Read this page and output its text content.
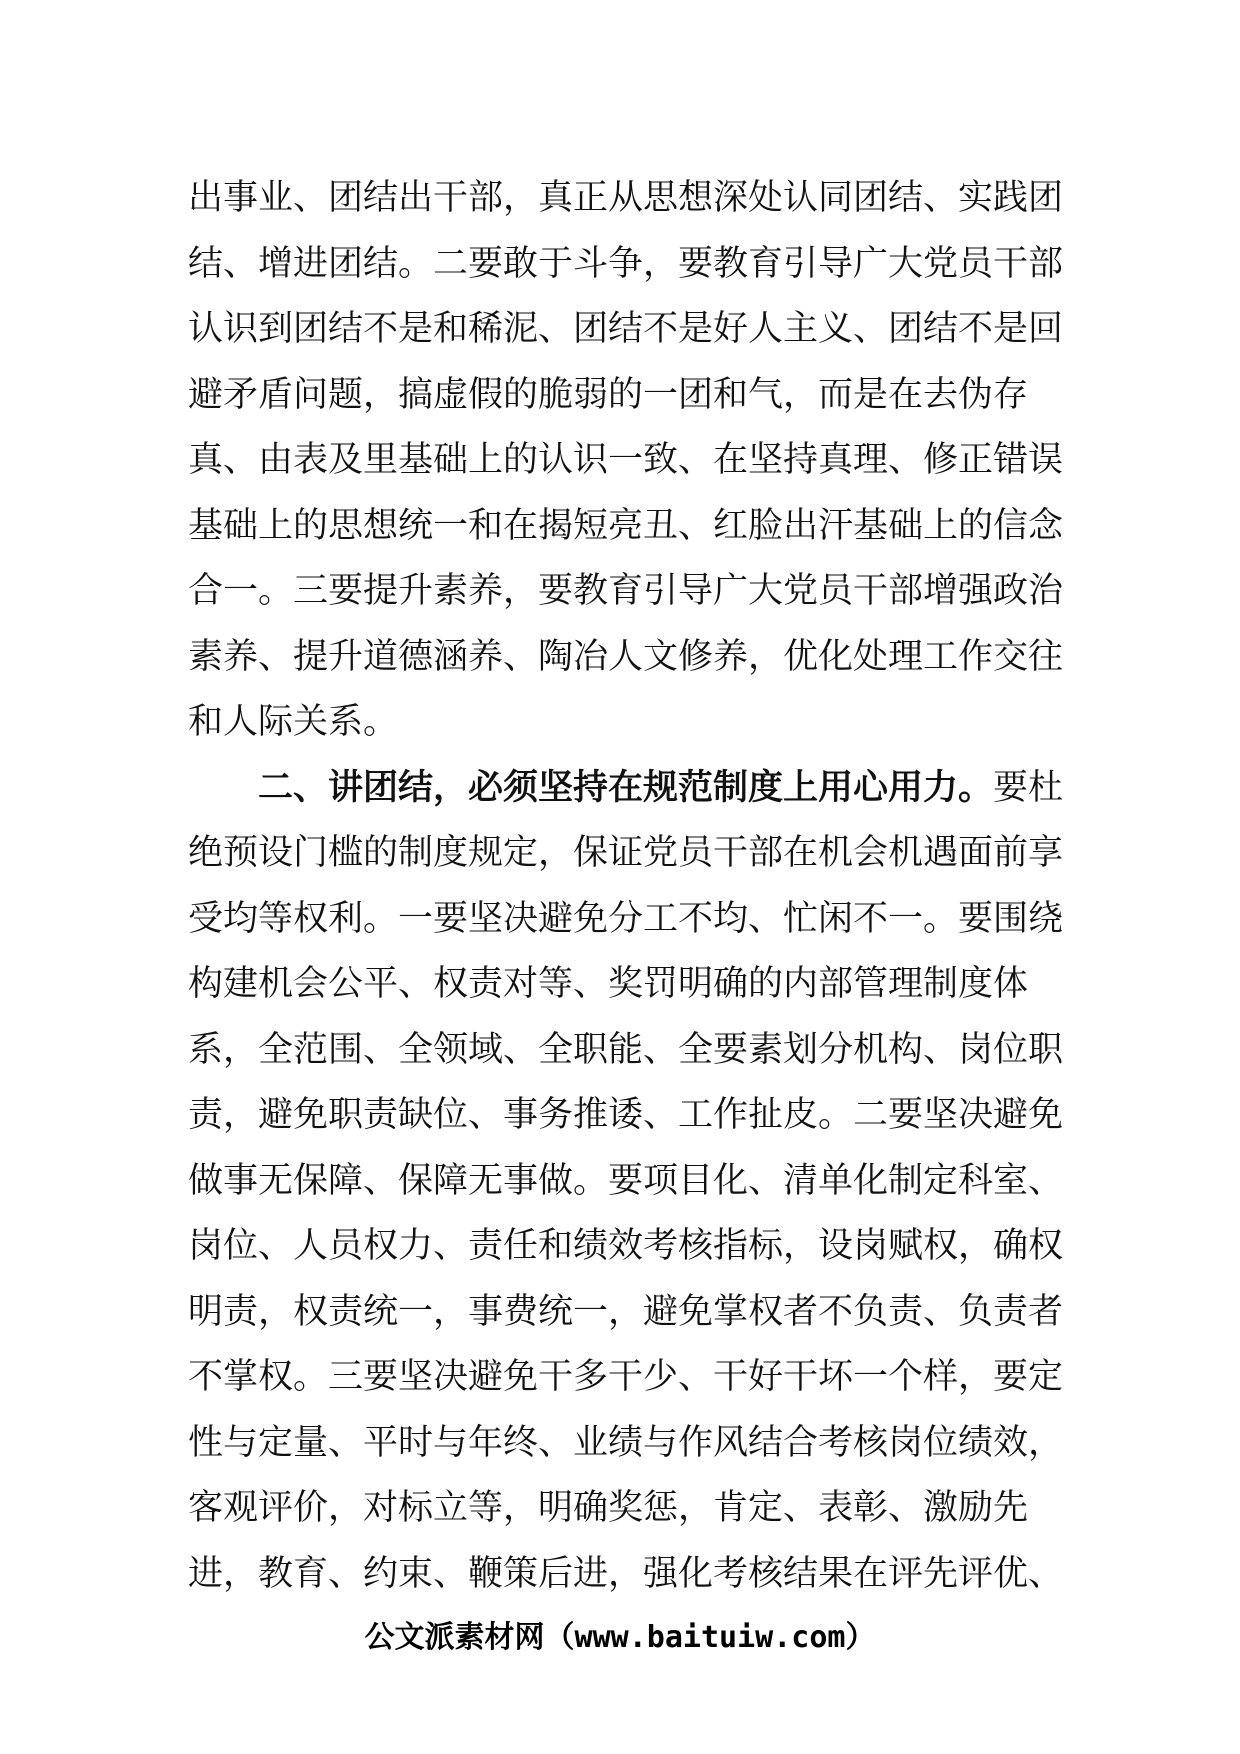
出事业、团结出干部，真正从思想深处认同团结、实践团
结、增进团结。二要敢于斗争，要教育引导广大党员干部
认识到团结不是和稀泥、团结不是好人主义、团结不是回
避矛盾问题，搞虚假的脆弱的一团和气，而是在去伪存
真、由表及里基础上的认识一致、在坚持真理、修正错误
基础上的思想统一和在揭短亮丑、红脸出汗基础上的信念
合一。三要提升素养，要教育引导广大党员干部增强政治
素养、提升道德涵养、陶冶人文修养，优化处理工作交往
和人际关系。
二、讲团结，必须坚持在规范制度上用心用力。要杜
绝预设门槛的制度规定，保证党员干部在机会机遇面前享
受均等权利。一要坚决避免分工不均、忙闲不一。要围绕
构建机会公平、权责对等、奖罚明确的内部管理制度体
系，全范围、全领域、全职能、全要素划分机构、岗位职
责，避免职责缺位、事务推诿、工作扯皮。二要坚决避免
做事无保障、保障无事做。要项目化、清单化制定科室、
岗位、人员权力、责任和绩效考核指标，设岗赋权，确权
明责，权责统一，事费统一，避免掌权者不负责、负责者
不掌权。三要坚决避免干多干少、干好干坏一个样，要定
性与定量、平时与年终、业绩与作风结合考核岗位绩效，
客观评价，对标立等，明确奖惩，肯定、表彰、激励先
进，教育、约束、鞭策后进，强化考核结果在评先评优、
公文派素材网（www.baituiw.com）
